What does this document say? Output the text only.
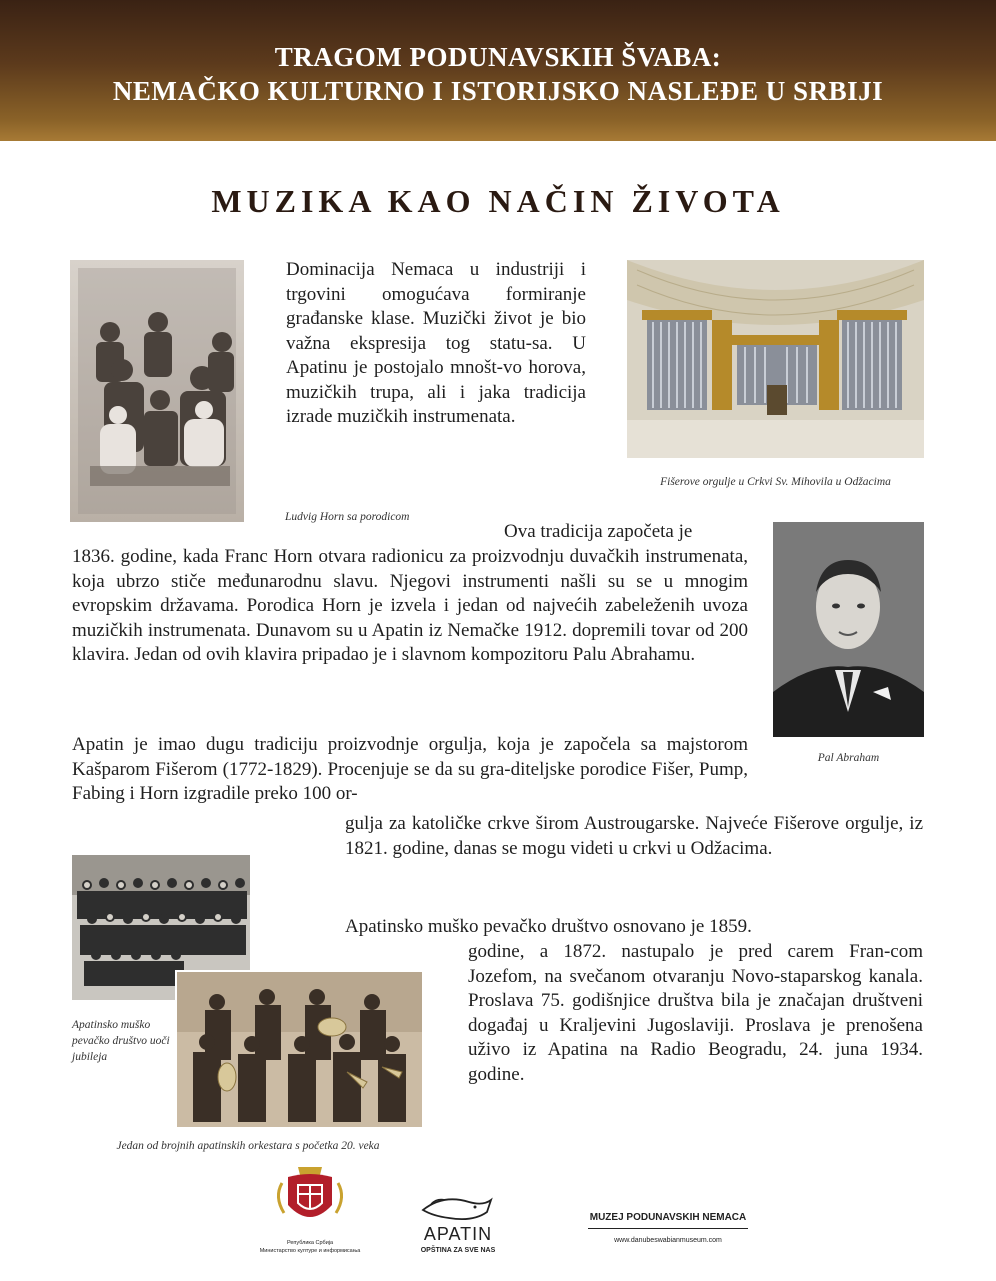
TRAGOM PODUNAVSKIH ŠVABA:
NEMAČKO KULTURNO I ISTORIJSKO NASLEĐE U SRBIJI
MUZIKA KAO NAČIN ŽIVOTA
Ludvig Horn sa porodicom

Dominacija Nemaca u industriji i trgovini omogućava formiranje građanske klase. Muzički život je bio važna ekspresija tog statu-sa. U Apatinu je postojalo mnošt-vo horova, muzičkih trupa, ali i jaka tradicija izrade muzičkih instrumenata.

Fišerove orgulje u Crkvi Sv. Mihovila u Odžacima

Ova tradicija započeta je

1836. godine, kada Franc Horn otvara radionicu za proizvodnju duvačkih instrumenata, koja ubrzo stiče međunarodnu slavu. Njegovi instrumenti našli su se u mnogim evropskim državama. Porodica Horn je izvela i jedan od najvećih zabeleženih uvoza muzičkih instrumenata. Dunavom su u Apatin iz Nemačke 1912. dopremili tovar od 200 klavira. Jedan od ovih klavira pripadao je i slavnom kompozitoru Palu Abrahamu.

Pal Abraham

Apatin je imao dugu tradiciju proizvodnje orgulja, koja je započela sa majstorom Kašparom Fišerom (1772-1829). Procenjuje se da su gra-diteljske porodice Fišer, Pump, Fabing i Horn izgradile preko 100 or-

gulja za katoličke crkve širom Austrougarske. Najveće Fišerove orgulje, iz 1821. godine, danas se mogu videti u crkvi u Odžacima.

Apatinsko muško pevačko društvo uoči jubileja
Jedan od brojnih apatinskih orkestara s početka 20. veka

Apatinsko muško pevačko društvo osnovano je 1859.

godine, a 1872. nastupalo je pred carem Fran-com Jozefom, na svečanom otvaranju Novo-staparskog kanala. Proslava 75. godišnjice društva bila je značajan društveni događaj u Kraljevini Jugoslaviji. Proslava je prenošena uživo iz Apatina na Radio Beogradu, 24. juna 1934. godine.

Република Србија
Министарство културе и информисања
APATIN
OPŠTINA ZA SVE NAS
MUZEJ PODUNAVSKIH NEMACA
www.danubeswabianmuseum.com
